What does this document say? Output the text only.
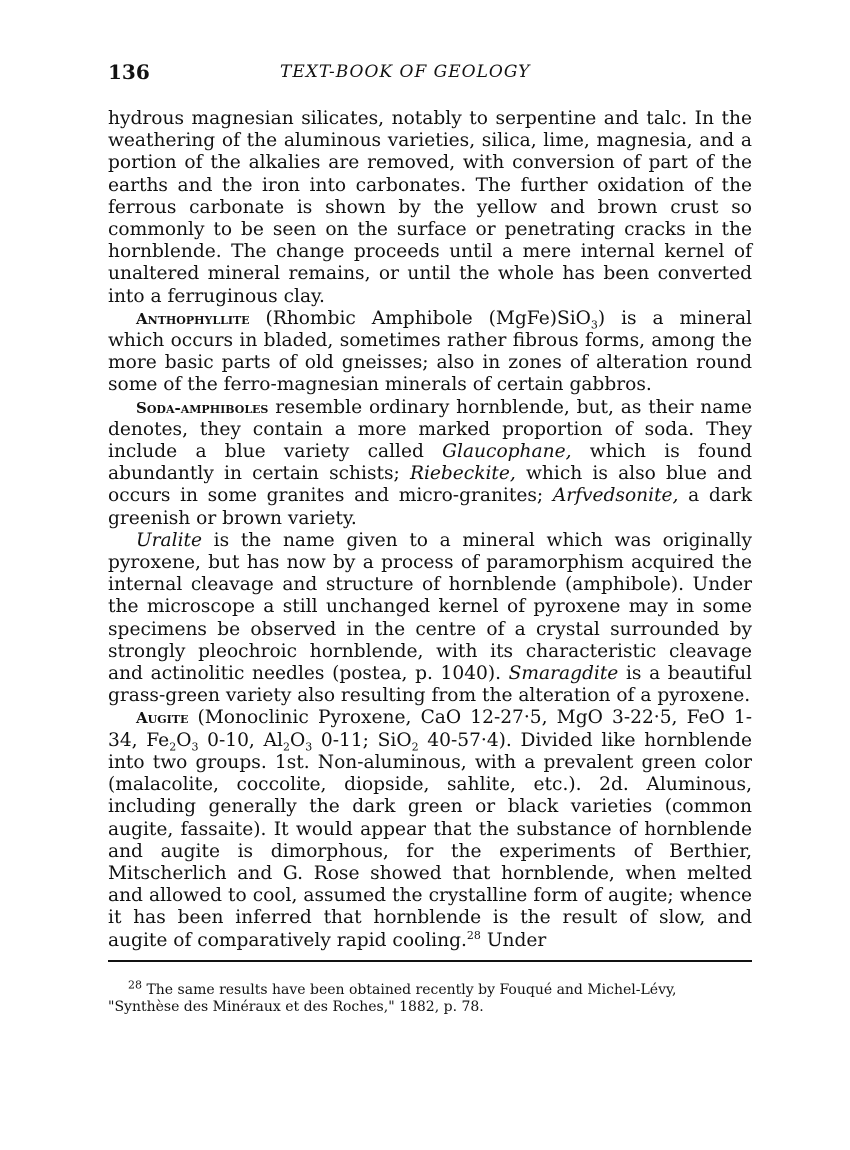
136	TEXT-BOOK OF GEOLOGY

hydrous magnesian silicates, notably to serpentine and talc. In the weathering of the aluminous varieties, silica, lime, magnesia, and a portion of the alkalies are removed, with conversion of part of the earths and the iron into carbonates. The further oxidation of the ferrous carbonate is shown by the yellow and brown crust so commonly to be seen on the surface or penetrating cracks in the hornblende. The change proceeds until a mere internal kernel of unaltered mineral remains, or until the whole has been converted into a ferruginous clay.

Anthophyllite (Rhombic Amphibole (MgFe)SiO$_3$) is a mineral which occurs in bladed, sometimes rather fibrous forms, among the more basic parts of old gneisses; also in zones of alteration round some of the ferro-magnesian minerals of certain gabbros.

Soda-amphiboles resemble ordinary hornblende, but, as their name denotes, they contain a more marked proportion of soda. They include a blue variety called Glaucophane, which is found abundantly in certain schists; Riebeckite, which is also blue and occurs in some granites and micro-granites; Arfvedsonite, a dark greenish or brown variety.

Uralite is the name given to a mineral which was originally pyroxene, but has now by a process of paramorphism acquired the internal cleavage and structure of hornblende (amphibole). Under the microscope a still unchanged kernel of pyroxene may in some specimens be observed in the centre of a crystal surrounded by strongly pleochroic hornblende, with its characteristic cleavage and actinolitic needles (postea, p. 1040). Smaragdite is a beautiful grass-green variety also resulting from the alteration of a pyroxene.

Augite (Monoclinic Pyroxene, CaO 12-27·5, MgO 3-22·5, FeO 1-34, $Fe_2O_3$ 0-10, $Al_2O_3$ 0-11; SiO$_2$ 40-57·4). Divided like hornblende into two groups. 1st. Non-aluminous, with a prevalent green color (malacolite, coccolite, diopside, sahlite, etc.). 2d. Aluminous, including generally the dark green or black varieties (common augite, fassaite). It would appear that the substance of hornblende and augite is dimorphous, for the experiments of Berthier, Mitscherlich and G. Rose showed that hornblende, when melted and allowed to cool, assumed the crystalline form of augite; whence it has been inferred that hornblende is the result of slow, and augite of comparatively rapid cooling.$^{28}$ Under

$^{28}$ The same results have been obtained recently by Fouqué and Michel-Lévy, "Synthèse des Minéraux et des Roches," 1882, p. 78.
